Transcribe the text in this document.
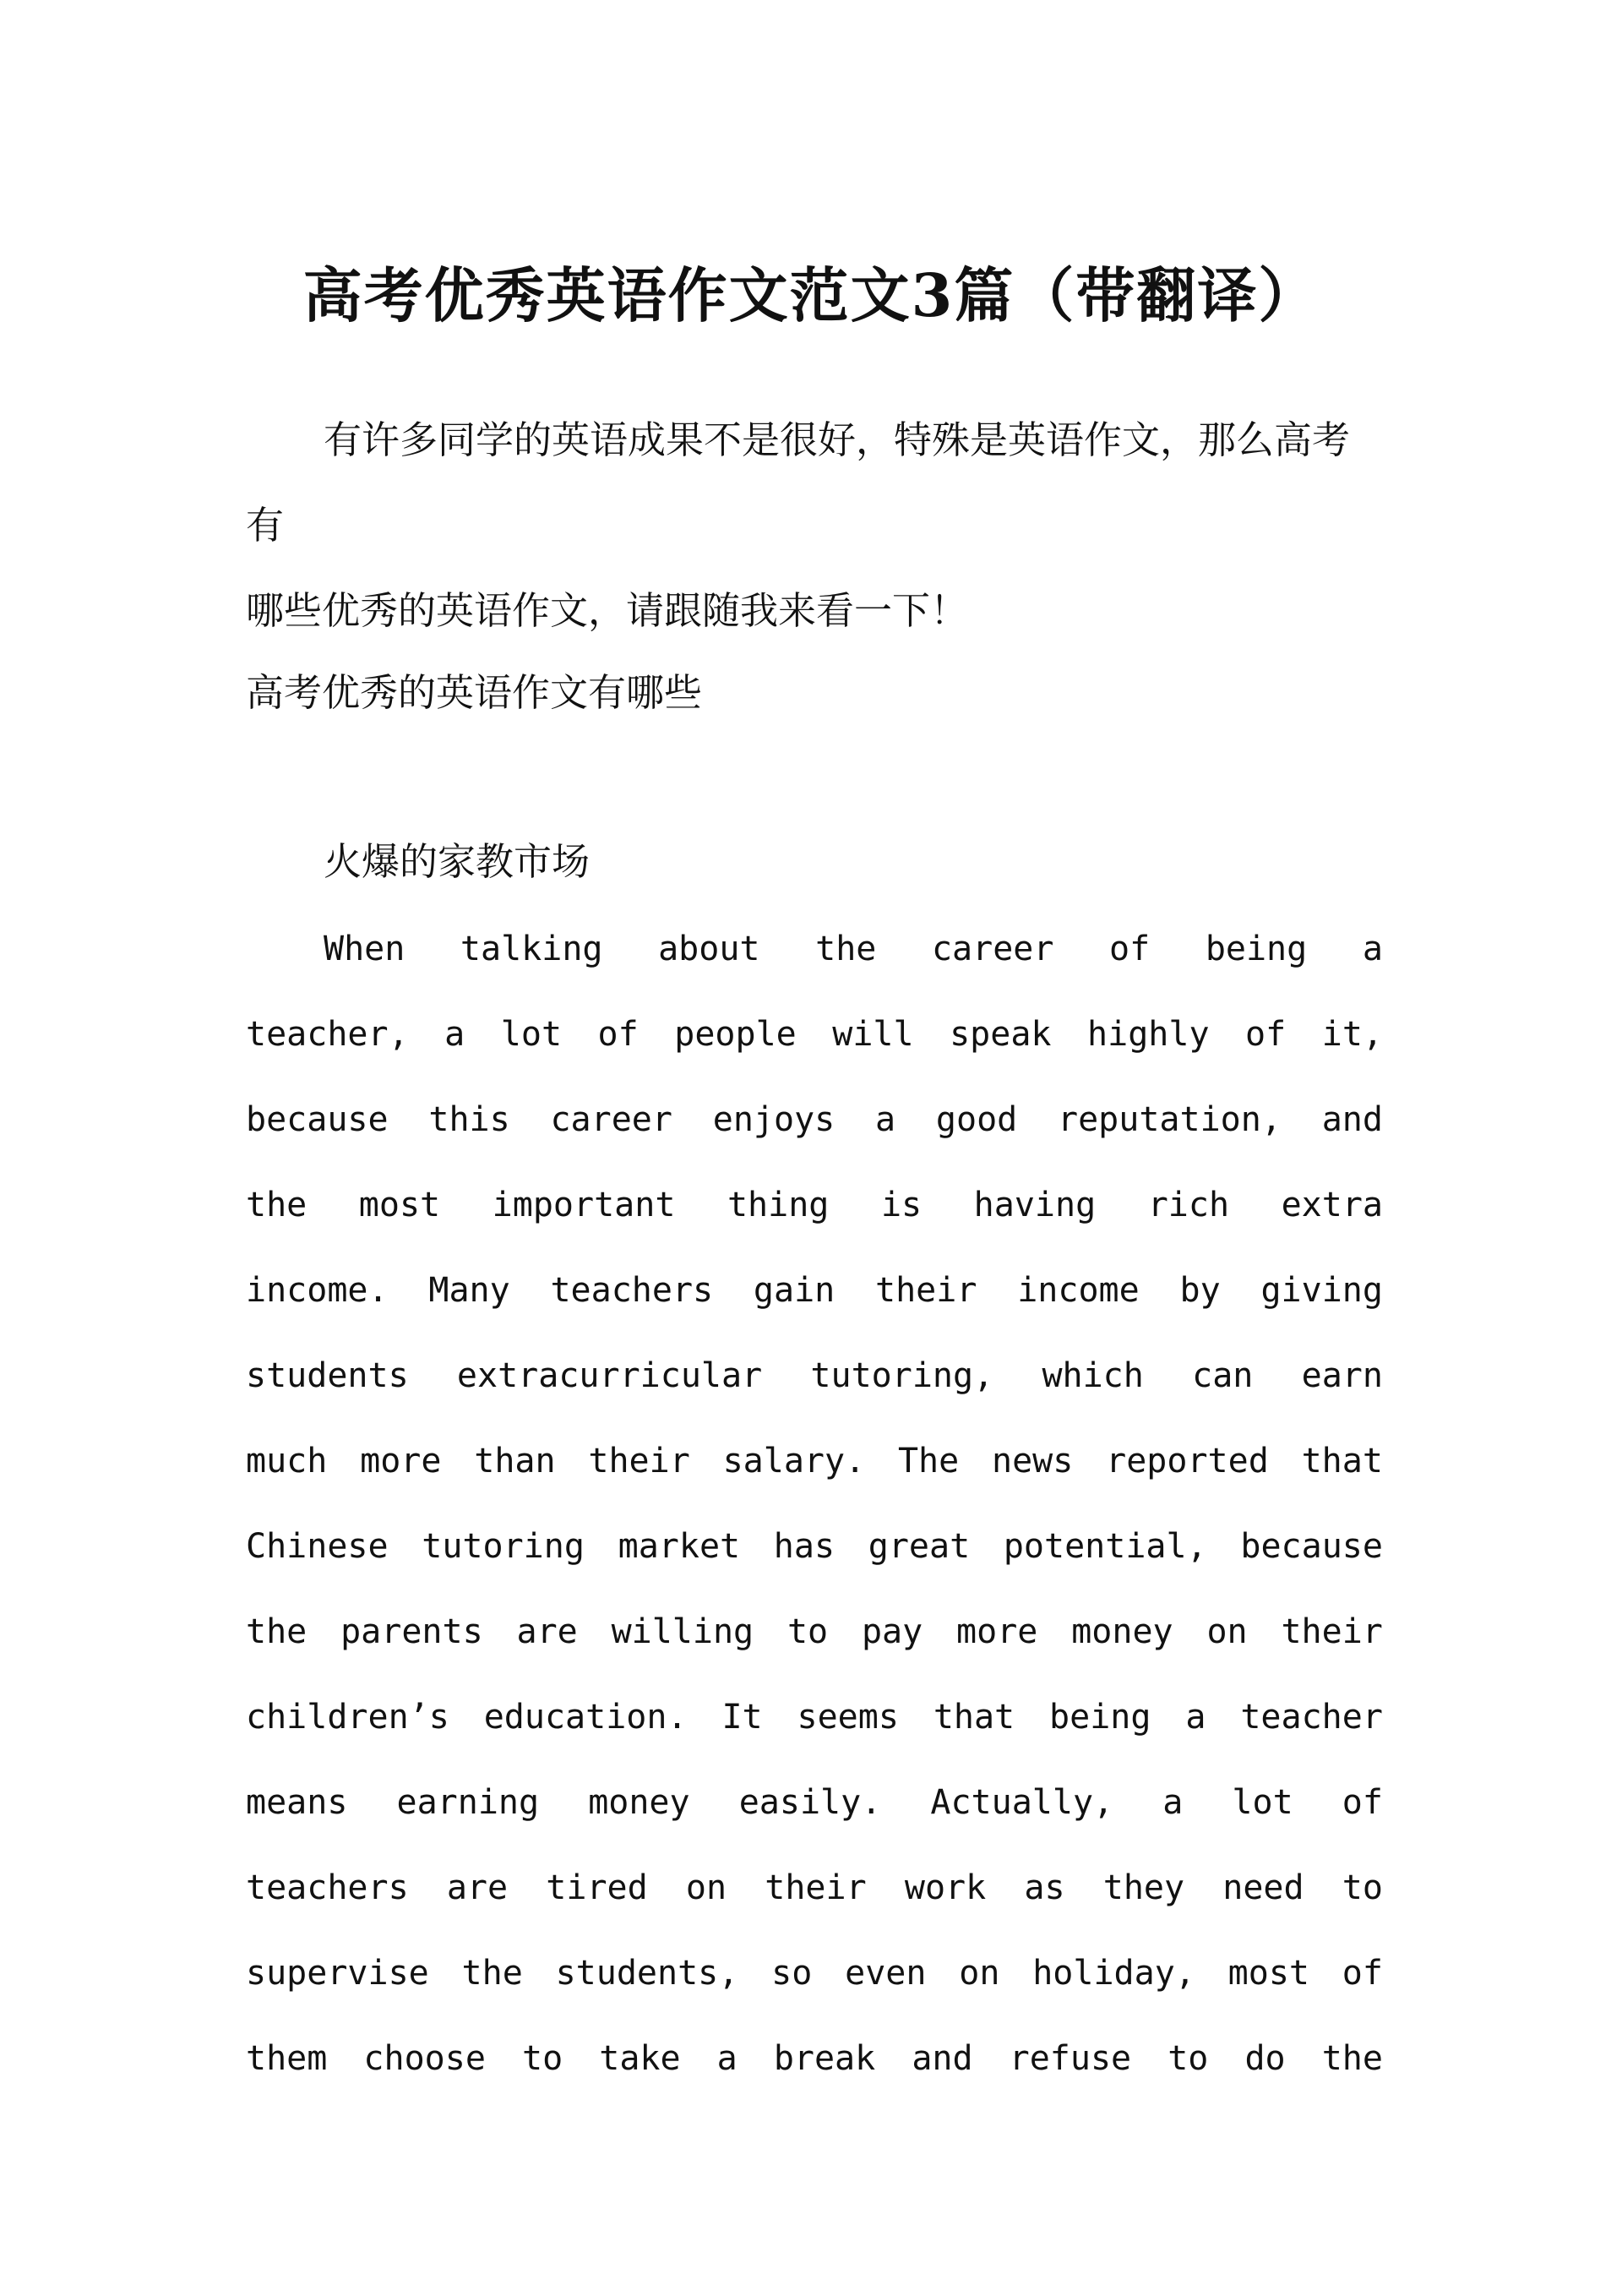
高考优秀英语作文范文3篇（带翻译）

有许多同学的英语成果不是很好，特殊是英语作文，那么高考有
哪些优秀的英语作文，请跟随我来看一下！

高考优秀的英语作文有哪些

火爆的家教市场

When talking about the career of being a
teacher, a lot of people will speak highly of it,
because this career enjoys a good reputation, and
the most important thing is having rich extra
income. Many teachers gain their income by giving
students extracurricular tutoring, which can earn
much more than their salary. The news reported that
Chinese tutoring market has great potential, because
the parents are willing to pay more money on their
children’s education. It seems that being a teacher
means earning money easily. Actually, a lot of
teachers are tired on their work as they need to
supervise the students, so even on holiday, most of
them choose to take a break and refuse to do the
